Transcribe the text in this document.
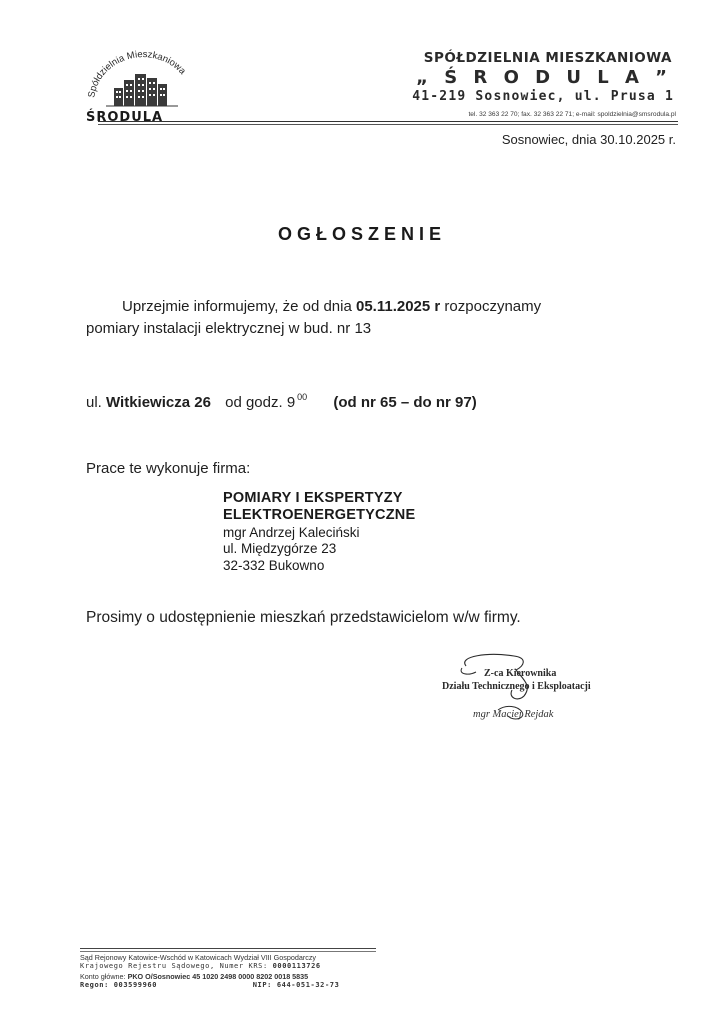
Spółdzielnia Mieszkaniowa
ŚRODULA
SPÓŁDZIELNIA MIESZKANIOWA
„ Ś R O D U L A ”
41-219 Sosnowiec, ul. Prusa 1
tel. 32 363 22 70; fax. 32 363 22 71; e-mail: spoldzielnia@smsrodula.pl
Sosnowiec, dnia 30.10.2025 r.
OGŁOSZENIE
Uprzejmie informujemy, że od dnia 05.11.2025 r rozpoczynamy
pomiary instalacji elektrycznej w bud. nr 13
ul. Witkiewicza 26 od godz. 9 $^{00}$ (od nr 65 – do nr 97)
Prace te wykonuje firma:
POMIARY I EKSPERTYZY
ELEKTROENERGETYCZNE
mgr Andrzej Kaleciński
ul. Międzygórze 23
32-332 Bukowno
Prosimy o udostępnienie mieszkań przedstawicielom w/w firmy.
Z-ca Kierownika
Działu Technicznego i Eksploatacji
mgr Maciej Rejdak
Sąd Rejonowy Katowice-Wschód w Katowicach Wydział VIII Gospodarczy
Krajowego Rejestru Sądowego, Numer KRS: 0000113726
Konto główne: PKO O/Sosnowiec 45 1020 2498 0000 8202 0018 5835
Regon: 003599960	NIP: 644-051-32-73
